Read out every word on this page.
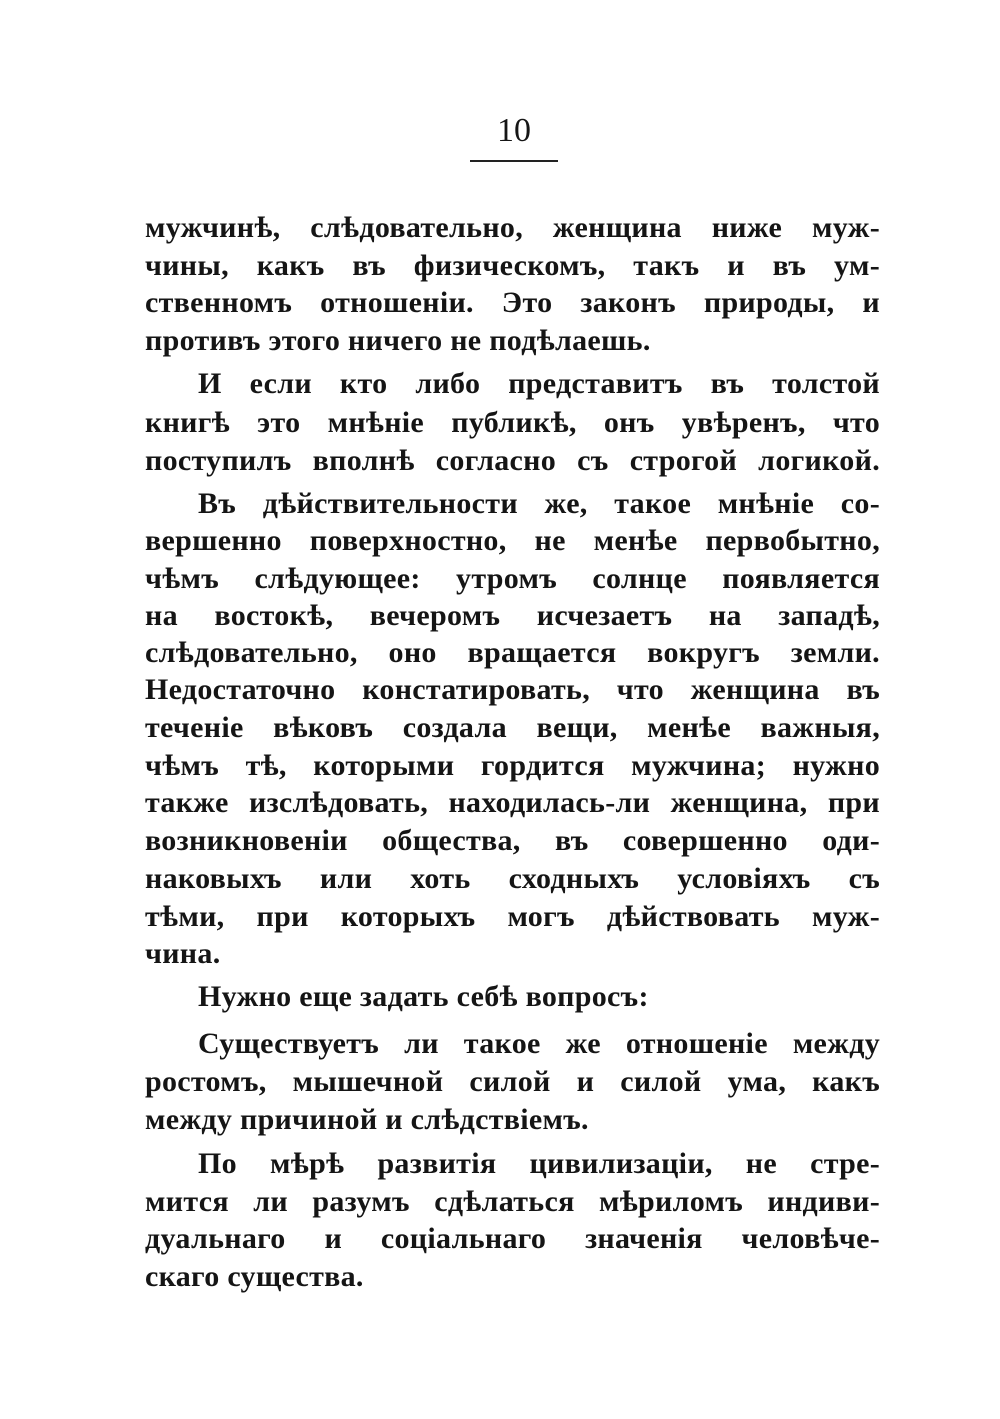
10
мужчинѣ, слѣдовательно, женщина ниже муж-
чины, какъ въ физическомъ, такъ и въ ум-
ственномъ отношеніи. Это законъ природы, и
противъ этого ничего не подѣлаешь.
И если кто либо представитъ въ толстой
книгѣ это мнѣніе публикѣ, онъ увѣренъ, что
поступилъ вполнѣ согласно съ строгой логикой.
Въ дѣйствительности же, такое мнѣніе со-
вершенно поверхностно, не менѣе первобытно,
чѣмъ слѣдующее: утромъ солнце появляется
на востокѣ, вечеромъ исчезаетъ на западѣ,
слѣдовательно, оно вращается вокругъ земли.
Недостаточно констатировать, что женщина въ
теченіе вѣковъ создала вещи, менѣе важныя,
чѣмъ тѣ, которыми гордится мужчина; нужно
также изслѣдовать, находилась-ли женщина, при
возникновеніи общества, въ совершенно оди-
наковыхъ или хоть сходныхъ условіяхъ съ
тѣми, при которыхъ могъ дѣйствовать муж-
чина.
Нужно еще задать себѣ вопросъ:
Существуетъ ли такое же отношеніе между
ростомъ, мышечной силой и силой ума, какъ
между причиной и слѣдствіемъ.
По мѣрѣ развитія цивилизаціи, не стре-
мится ли разумъ сдѣлаться мѣриломъ индиви-
дуальнаго и соціальнаго значенія человѣче-
скаго существа.
